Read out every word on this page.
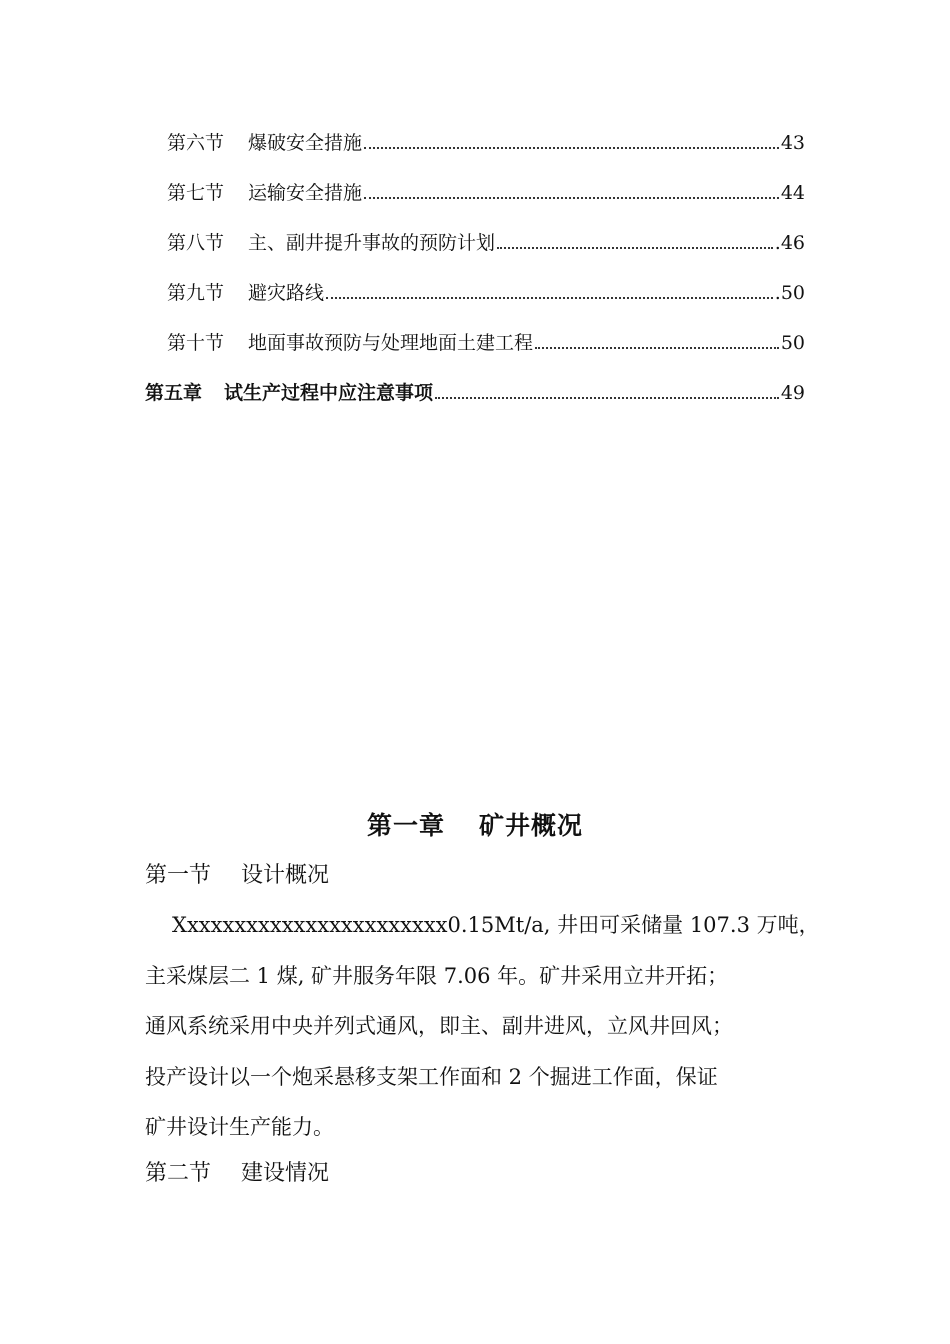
第六节 爆破安全措施	43
第七节 运输安全措施	44
第八节 主、副井提升事故的预防计划	.46
第九节 避灾路线	.50
第十节 地面事故预防与处理地面土建工程	50
第五章 试生产过程中应注意事项	49
第一章 矿井概况
第一节 设计概况
Xxxxxxxxxxxxxxxxxxxxxxx0.15Mt/a, 井田可采储量 107.3 万吨，
主采煤层二 1 煤, 矿井服务年限 7.06 年。矿井采用立井开拓；
通风系统采用中央并列式通风，即主、副井进风，立风井回风；
投产设计以一个炮采悬移支架工作面和 2 个掘进工作面，保证
矿井设计生产能力。
第二节 建设情况
